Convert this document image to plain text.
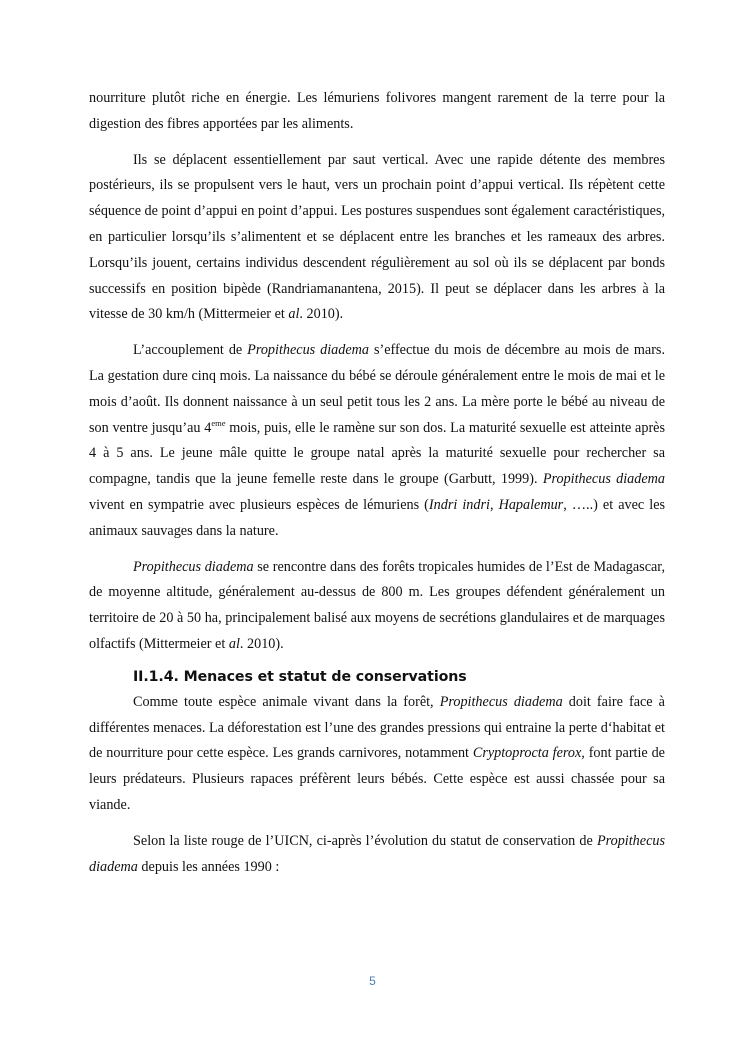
nourriture plutôt riche en énergie. Les lémuriens folivores mangent rarement de la terre pour la digestion des fibres apportées par les aliments.

Ils se déplacent essentiellement par saut vertical. Avec une rapide détente des membres postérieurs, ils se propulsent vers le haut, vers un prochain point d’appui vertical. Ils répètent cette séquence de point d’appui en point d’appui. Les postures suspendues sont également caractéristiques, en particulier lorsqu’ils s’alimentent et se déplacent entre les branches et les rameaux des arbres. Lorsqu’ils jouent, certains individus descendent régulièrement au sol où ils se déplacent par bonds successifs en position bipède (Randriamanantena, 2015). Il peut se déplacer dans les arbres à la vitesse de 30 km/h (Mittermeier et al. 2010).

L’accouplement de Propithecus diadema s’effectue du mois de décembre au mois de mars. La gestation dure cinq mois. La naissance du bébé se déroule généralement entre le mois de mai et le mois d’août. Ils donnent naissance à un seul petit tous les 2 ans. La mère porte le bébé au niveau de son ventre jusqu’au 4eme mois, puis, elle le ramène sur son dos. La maturité sexuelle est atteinte après 4 à 5 ans. Le jeune mâle quitte le groupe natal après la maturité sexuelle pour rechercher sa compagne, tandis que la jeune femelle reste dans le groupe (Garbutt, 1999). Propithecus diadema vivent en sympatrie avec plusieurs espèces de lémuriens (Indri indri, Hapalemur, …..) et avec les animaux sauvages dans la nature.

Propithecus diadema se rencontre dans des forêts tropicales humides de l’Est de Madagascar, de moyenne altitude, généralement au-dessus de 800 m. Les groupes défendent généralement un territoire de 20 à 50 ha, principalement balisé aux moyens de secrétions glandulaires et de marquages olfactifs (Mittermeier et al. 2010).

II.1.4. Menaces et statut de conservations

Comme toute espèce animale vivant dans la forêt, Propithecus diadema doit faire face à différentes menaces. La déforestation est l’une des grandes pressions qui entraine la perte d‘habitat et de nourriture pour cette espèce. Les grands carnivores, notamment Cryptoprocta ferox, font partie de leurs prédateurs. Plusieurs rapaces préfèrent leurs bébés. Cette espèce est aussi chassée pour sa viande.

Selon la liste rouge de l’UICN, ci-après l’évolution du statut de conservation de Propithecus diadema depuis les années 1990 :

5
